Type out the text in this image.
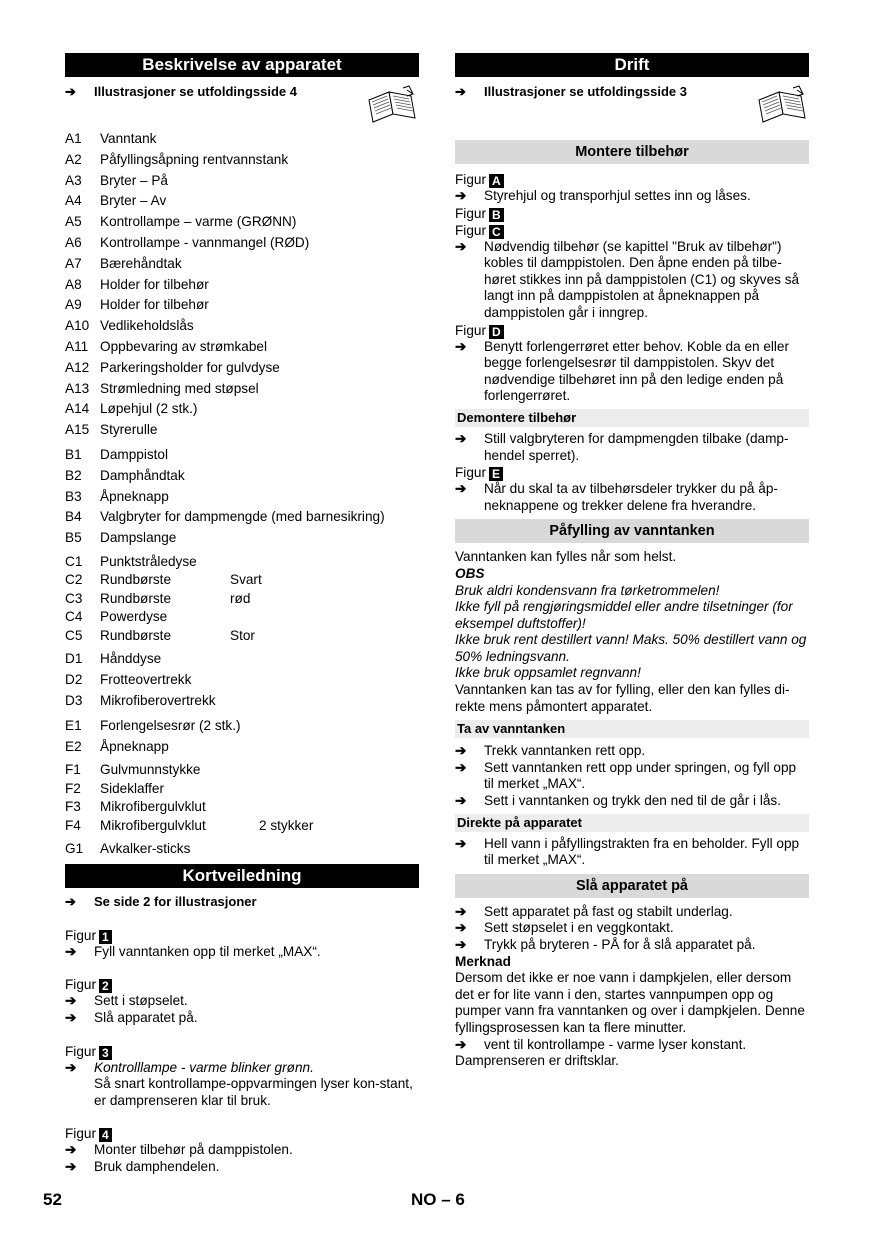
Beskrivelse av apparatet
➔	Illustrasjoner se utfoldingsside 4
A1	Vanntank
A2	Påfyllingsåpning rentvannstank
A3	Bryter – På
A4	Bryter – Av
A5	Kontrollampe – varme (GRØNN)
A6	Kontrollampe - vannmangel (RØD)
A7	Bærehåndtak
A8	Holder for tilbehør
A9	Holder for tilbehør
A10 Vedlikeholdslås
A11 Oppbevaring av strømkabel
A12 Parkeringsholder for gulvdyse
A13 Strømledning med støpsel
A14 Løpehjul (2 stk.)
A15 Styrerulle
B1	Damppistol
B2	Damphåndtak
B3	Åpneknapp
B4	Valgbryter for dampmengde (med barnesikring)
B5	Dampslange
C1	Punktstråledyse
C2	Rundbørste	Svart
C3	Rundbørste	rød
C4	Powerdyse
C5	Rundbørste	Stor
D1	Hånddyse
D2	Frotteovertrekk
D3	Mikrofiberovertrekk
E1	Forlengelsesrør (2 stk.)
E2	Åpneknapp
F1	Gulvmunnstykke
F2	Sideklaffer
F3	Mikrofibergulvklut
F4	Mikrofibergulvklut	2 stykker
G1	Avkalker-sticks
Kortveiledning
➔	Se side 2 for illustrasjoner
Figur 1
➔	Fyll vanntanken opp til merket „MAX“.
Figur 2
➔	Sett i støpselet.
➔	Slå apparatet på.
Figur 3
➔	Kontrolllampe - varme blinker grønn.
Så snart kontrollampe-oppvarmingen lyser kon-stant, er damprenseren klar til bruk.
Figur 4
➔	Monter tilbehør på damppistolen.
➔	Bruk damphendelen.
Drift
➔	Illustrasjoner se utfoldingsside 3
Montere tilbehør
Figur A
➔	Styrehjul og transporhjul settes inn og låses.
Figur B
Figur C
➔	Nødvendig tilbehør (se kapittel "Bruk av tilbehør") kobles til damppistolen. Den åpne enden på tilbe-høret stikkes inn på damppistolen (C1) og skyves så langt inn på damppistolen at åpneknappen på damppistolen går i inngrep.
Figur D
➔	Benytt forlengerrøret etter behov. Koble da en eller begge forlengelsesrør til damppistolen. Skyv det nødvendige tilbehøret inn på den ledige enden på forlengerrøret.
Demontere tilbehør
➔	Still valgbryteren for dampmengden tilbake (damp-hendel sperret).
Figur E
➔	Når du skal ta av tilbehørsdeler trykker du på åp-neknappene og trekker delene fra hverandre.
Påfylling av vanntanken
Vanntanken kan fylles når som helst.
OBS
Bruk aldri kondensvann fra tørketrommelen!
Ikke fyll på rengjøringsmiddel eller andre tilsetninger (for eksempel duftstoffer)!
Ikke bruk rent destillert vann! Maks. 50% destillert vann og 50% ledningsvann.
Ikke bruk oppsamlet regnvann!
Vanntanken kan tas av for fylling, eller den kan fylles di-rekte mens påmontert apparatet.
Ta av vanntanken
➔	Trekk vanntanken rett opp.
➔	Sett vanntanken rett opp under springen, og fyll opp til merket „MAX“.
➔	Sett i vanntanken og trykk den ned til de går i lås.
Direkte på apparatet
➔	Hell vann i påfyllingstrakten fra en beholder. Fyll opp til merket „MAX“.
Slå apparatet på
➔	Sett apparatet på fast og stabilt underlag.
➔	Sett støpselet i en veggkontakt.
➔	Trykk på bryteren - PÅ for å slå apparatet på.
Merknad
Dersom det ikke er noe vann i dampkjelen, eller dersom det er for lite vann i den, startes vannpumpen opp og pumper vann fra vanntanken og over i dampkjelen. Denne fyllingsprosessen kan ta flere minutter.
➔	vent til kontrollampe - varme lyser konstant.
Damprenseren er driftsklar.
52	NO – 6
